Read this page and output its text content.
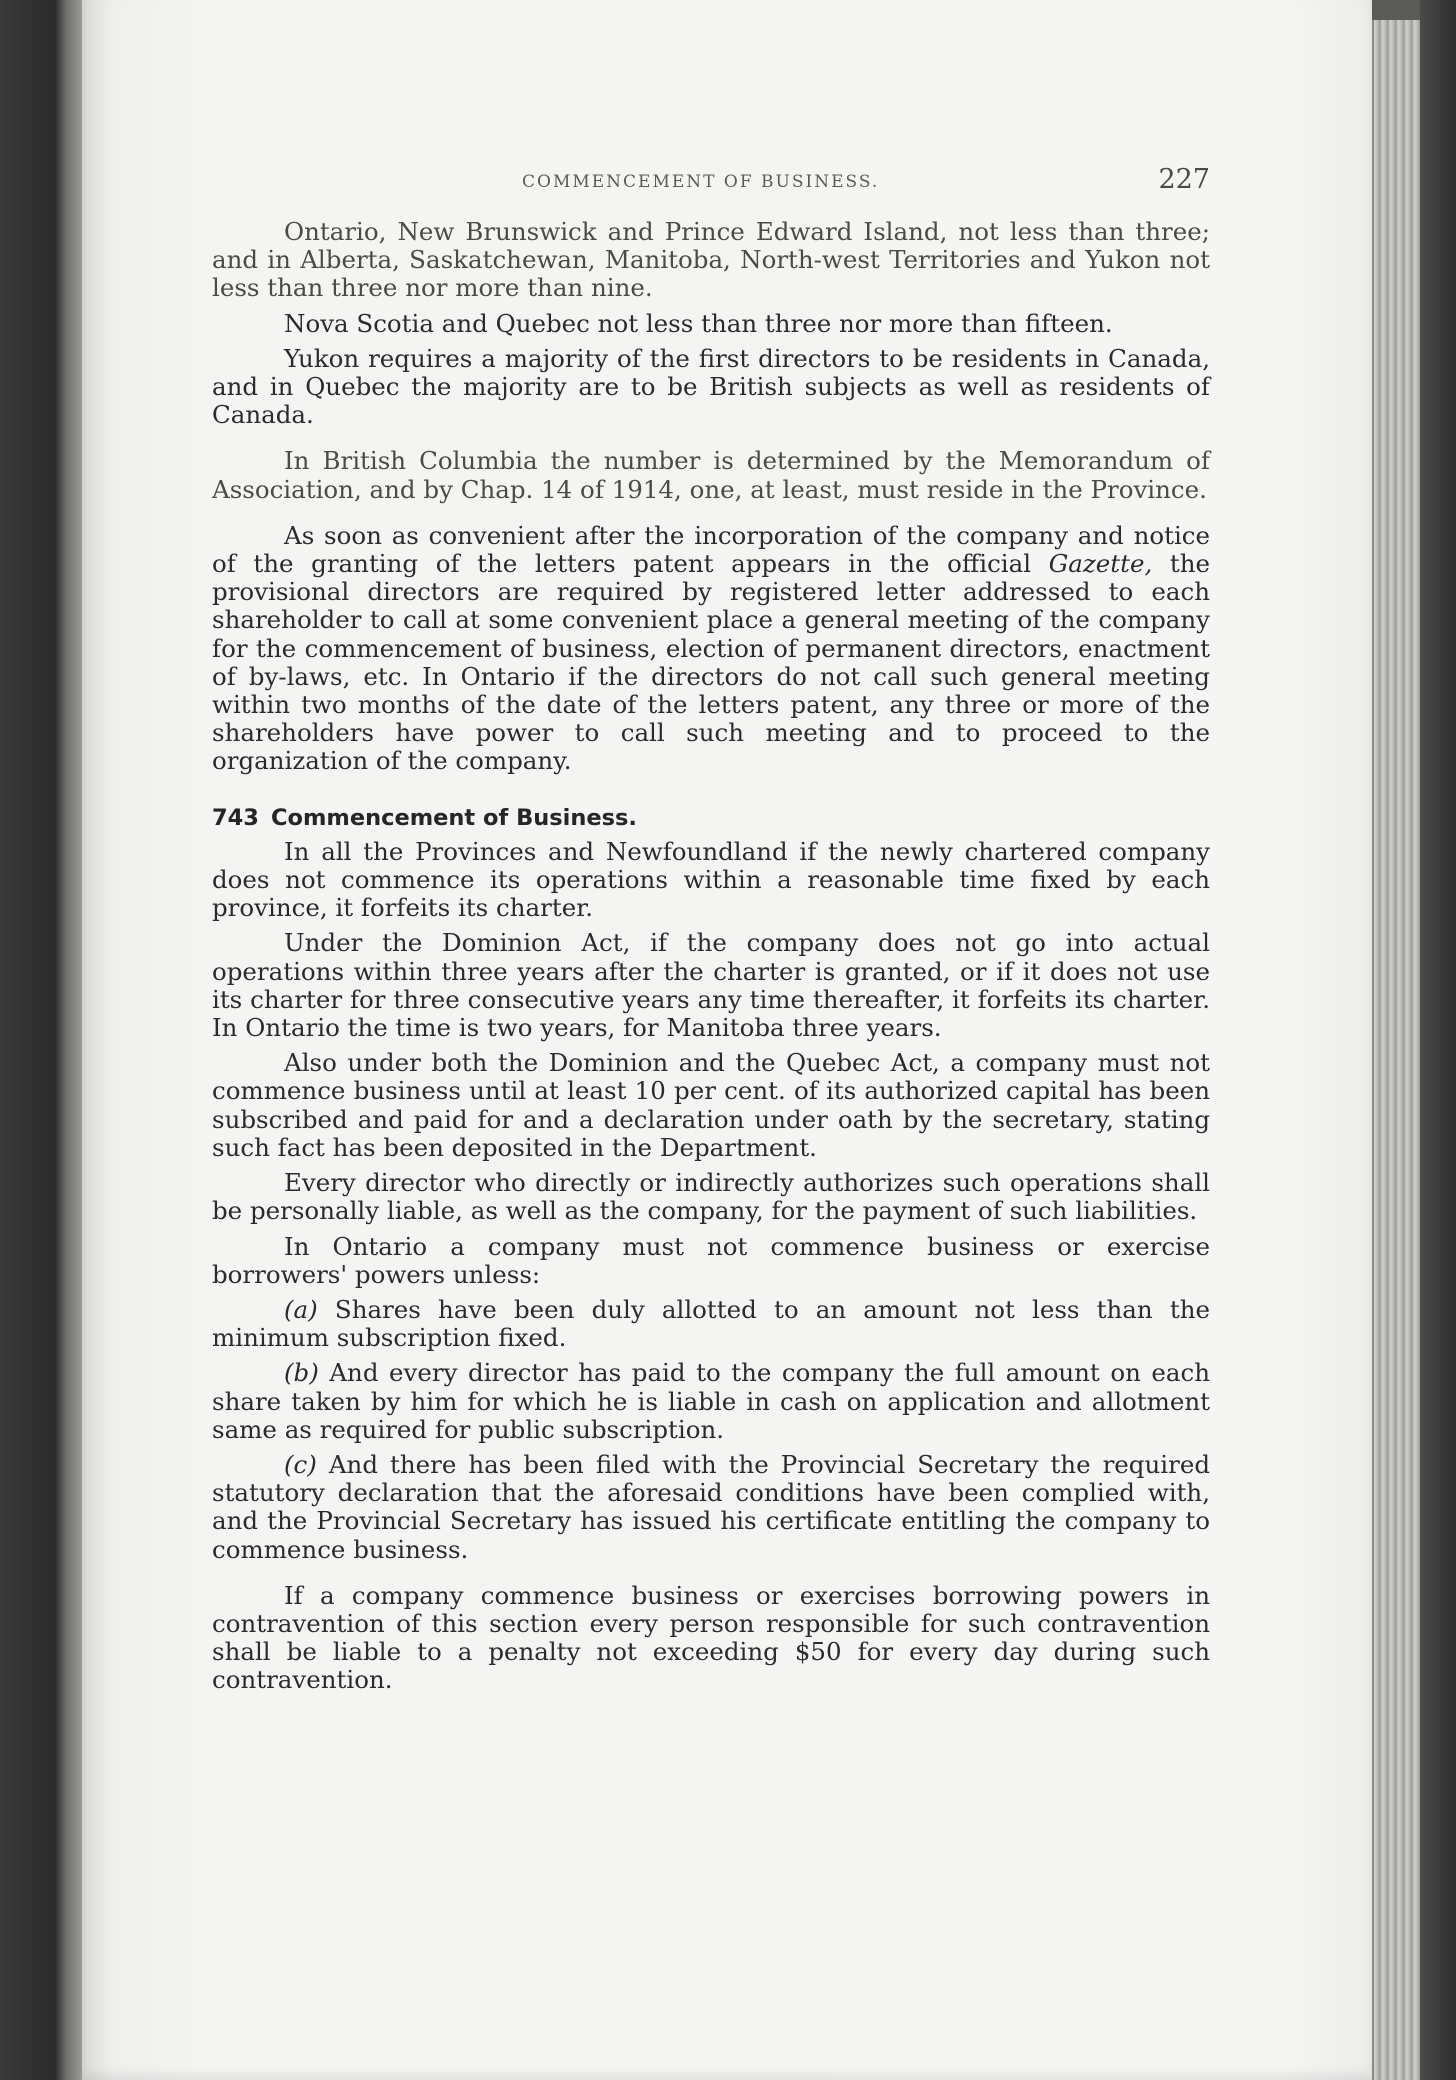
COMMENCEMENT OF BUSINESS.	227

Ontario, New Brunswick and Prince Edward Island, not less than three; and in Alberta, Saskatchewan, Manitoba, North-west Territories and Yukon not less than three nor more than nine.

Nova Scotia and Quebec not less than three nor more than fifteen.

Yukon requires a majority of the first directors to be residents in Canada, and in Quebec the majority are to be British subjects as well as residents of Canada.

In British Columbia the number is determined by the Memorandum of Association, and by Chap. 14 of 1914, one, at least, must reside in the Province.

As soon as convenient after the incorporation of the company and notice of the granting of the letters patent appears in the official Gazette, the provisional directors are required by registered letter addressed to each shareholder to call at some convenient place a general meeting of the company for the commencement of business, election of permanent directors, enactment of by-laws, etc. In Ontario if the directors do not call such general meeting within two months of the date of the letters patent, any three or more of the shareholders have power to call such meeting and to proceed to the organization of the company.

743 Commencement of Business.

In all the Provinces and Newfoundland if the newly chartered company does not commence its operations within a reasonable time fixed by each province, it forfeits its charter.

Under the Dominion Act, if the company does not go into actual operations within three years after the charter is granted, or if it does not use its charter for three consecutive years any time thereafter, it forfeits its charter. In Ontario the time is two years, for Manitoba three years.

Also under both the Dominion and the Quebec Act, a company must not commence business until at least 10 per cent. of its authorized capital has been subscribed and paid for and a declaration under oath by the secretary, stating such fact has been deposited in the Department.

Every director who directly or indirectly authorizes such operations shall be personally liable, as well as the company, for the payment of such liabilities.

In Ontario a company must not commence business or exercise borrowers' powers unless:

(a) Shares have been duly allotted to an amount not less than the minimum subscription fixed.

(b) And every director has paid to the company the full amount on each share taken by him for which he is liable in cash on application and allotment same as required for public subscription.

(c) And there has been filed with the Provincial Secretary the required statutory declaration that the aforesaid conditions have been complied with, and the Provincial Secretary has issued his certificate entitling the company to commence business.

If a company commence business or exercises borrowing powers in contravention of this section every person responsible for such contravention shall be liable to a penalty not exceeding $50 for every day during such contravention.
